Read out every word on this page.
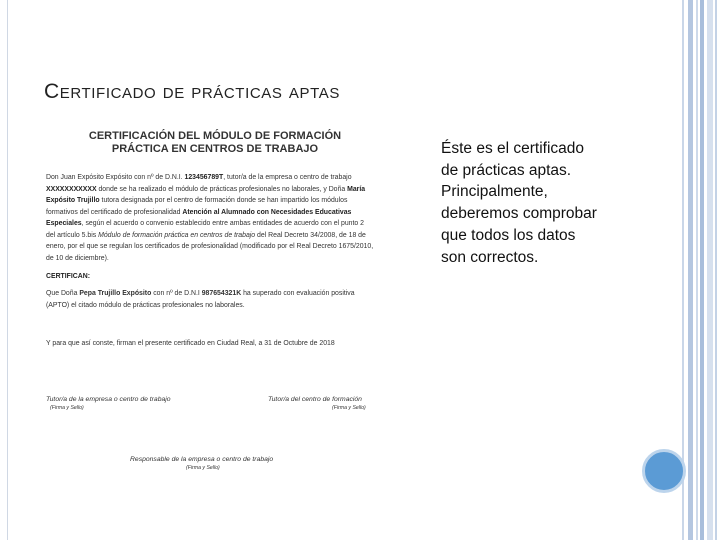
Certificado de prácticas aptas
CERTIFICACIÓN DEL MÓDULO DE FORMACIÓN
PRÁCTICA EN CENTROS DE TRABAJO
Don Juan Expósito Expósito con nº de D.N.I. 123456789T, tutor/a de la empresa o centro de trabajo XXXXXXXXXXX donde se ha realizado el módulo de prácticas profesionales no laborales, y Doña María Expósito Trujillo tutora designada por el centro de formación donde se han impartido los módulos formativos del certificado de profesionalidad Atención al Alumnado con Necesidades Educativas Especiales, según el acuerdo o convenio establecido entre ambas entidades de acuerdo con el punto 2 del artículo 5.bis Módulo de formación práctica en centros de trabajo del Real Decreto 34/2008, de 18 de enero, por el que se regulan los certificados de profesionalidad (modificado por el Real Decreto 1675/2010, de 10 de diciembre).
CERTIFICAN:
Que Doña Pepa Trujillo Expósito con nº de D.N.I 987654321K ha superado con evaluación positiva (APTO) el citado módulo de prácticas profesionales no laborales.
Y para que así conste, firman el presente certificado en Ciudad Real, a 31 de Octubre de 2018
Tutor/a de la empresa o centro de trabajo
(Firma y Sello)
Tutor/a del centro de formación
(Firma y Sello)
Responsable de la empresa o centro de trabajo
(Firma y Sello)
Éste es el certificado de prácticas aptas. Principalmente, deberemos comprobar que todos los datos son correctos.
